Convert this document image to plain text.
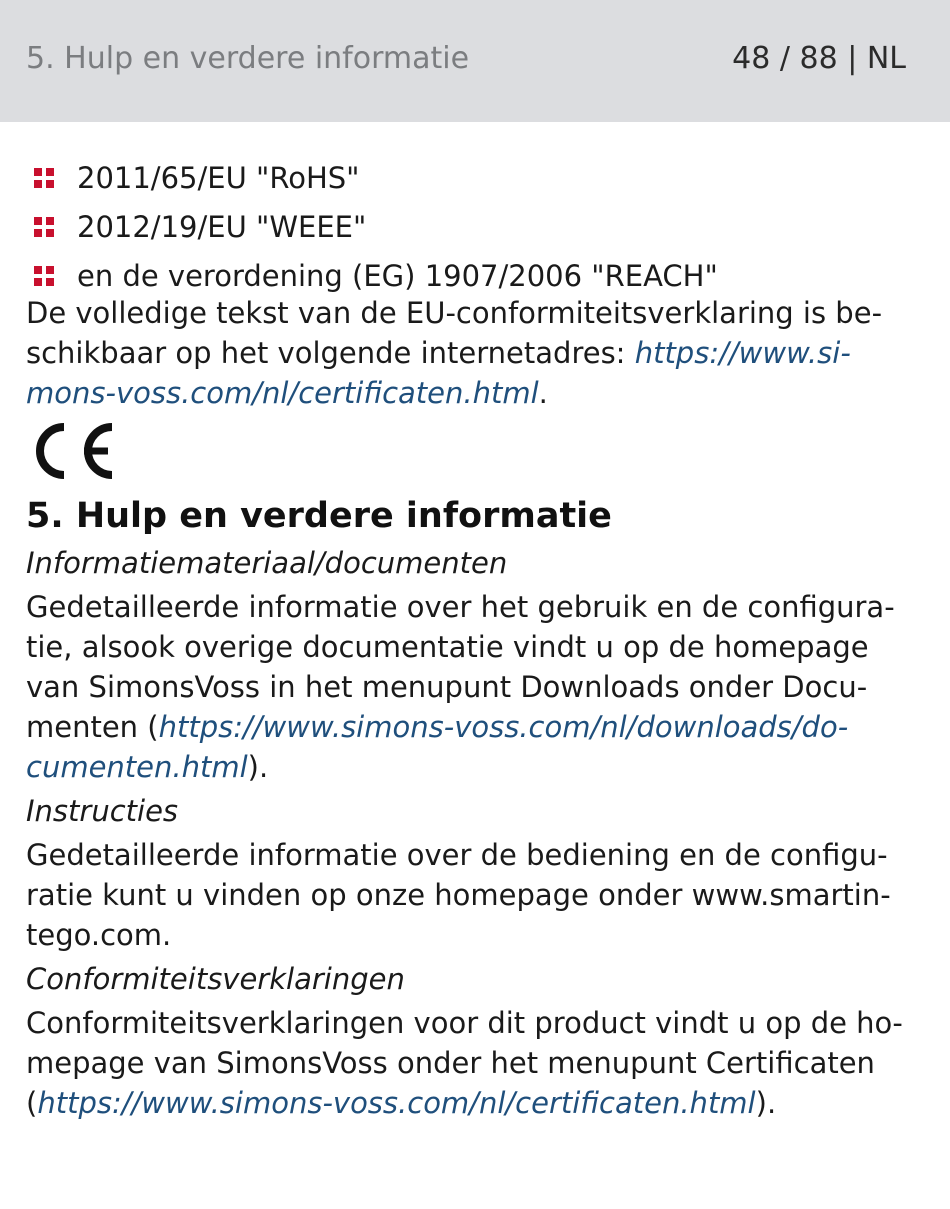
5. Hulp en verdere informatie	48 / 88 | NL
2011/65/EU "RoHS"
2012/19/EU "WEEE"
en de verordening (EG) 1907/2006 "REACH"

De volledige tekst van de EU-conformiteitsverklaring is beschikbaar op het volgende internetadres: https://www.simons-voss.com/nl/certificaten.html.

5. Hulp en verdere informatie
Informatiemateriaal/documenten

Gedetailleerde informatie over het gebruik en de configuratie, alsook overige documentatie vindt u op de homepage van SimonsVoss in het menupunt Downloads onder Documenten (https://www.simons-voss.com/nl/downloads/documenten.html).

Instructies

Gedetailleerde informatie over de bediening en de configuratie kunt u vinden op onze homepage onder www.smartintego.com.

Conformiteitsverklaringen

Conformiteitsverklaringen voor dit product vindt u op de homepage van SimonsVoss onder het menupunt Certificaten (https://www.simons-voss.com/nl/certificaten.html).
